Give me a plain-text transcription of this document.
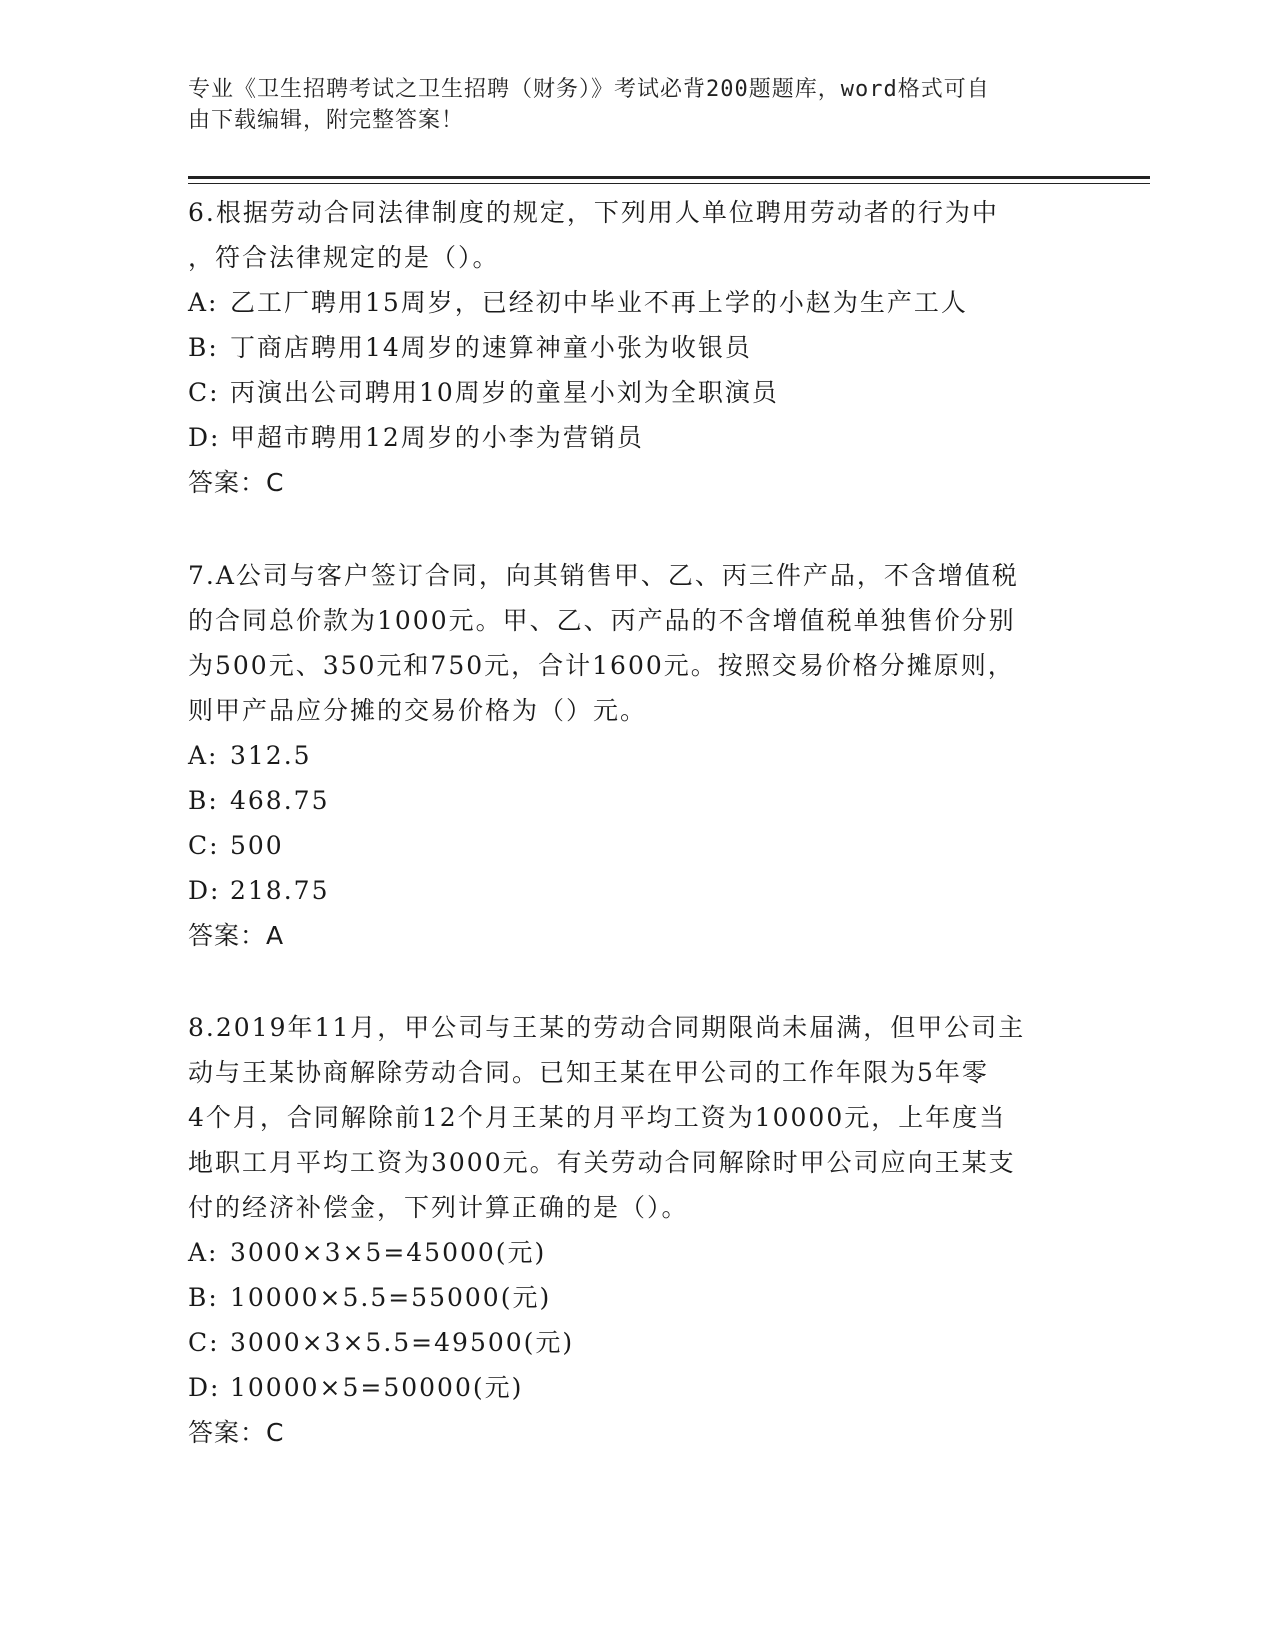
专业《卫生招聘考试之卫生招聘（财务）》考试必背200题题库，word格式可自
由下载编辑，附完整答案！
6.根据劳动合同法律制度的规定，下列用人单位聘用劳动者的行为中
，符合法律规定的是（）。
A: 乙工厂聘用15周岁，已经初中毕业不再上学的小赵为生产工人
B: 丁商店聘用14周岁的速算神童小张为收银员
C: 丙演出公司聘用10周岁的童星小刘为全职演员
D: 甲超市聘用12周岁的小李为营销员
答案：C
7.A公司与客户签订合同，向其销售甲、乙、丙三件产品，不含增值税
的合同总价款为1000元。甲、乙、丙产品的不含增值税单独售价分别
为500元、350元和750元，合计1600元。按照交易价格分摊原则，
则甲产品应分摊的交易价格为（）元。
A: 312.5
B: 468.75
C: 500
D: 218.75
答案：A
8.2019年11月，甲公司与王某的劳动合同期限尚未届满，但甲公司主
动与王某协商解除劳动合同。已知王某在甲公司的工作年限为5年零
4个月，合同解除前12个月王某的月平均工资为10000元，上年度当
地职工月平均工资为3000元。有关劳动合同解除时甲公司应向王某支
付的经济补偿金，下列计算正确的是（）。
A: 3000×3×5=45000(元)
B: 10000×5.5=55000(元)
C: 3000×3×5.5=49500(元)
D: 10000×5=50000(元)
答案：C
